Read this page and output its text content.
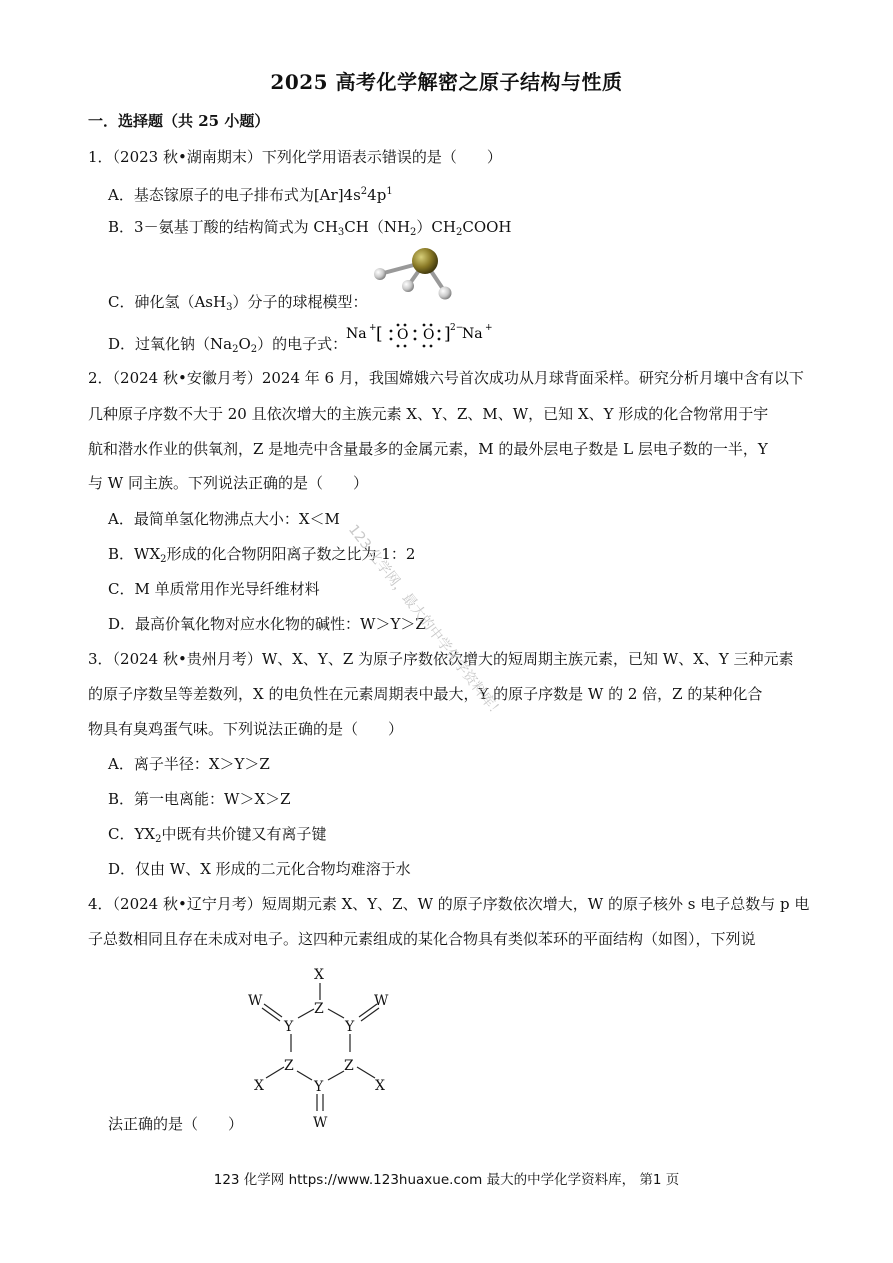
2025 高考化学解密之原子结构与性质
一．选择题（共 25 小题）
1．（2023 秋•湖南期末）下列化学用语表示错误的是（　　）
A．基态镓原子的电子排布式为$[Ar]4s^24p^1$
B．3－氨基丁酸的结构简式为 $CH_3CH(NH_2)CH_2COOH$
C．砷化氢（AsH$_3$）分子的球棍模型：
D．过氧化钠$(Na_2O_2)$的电子式：
Na + [ O O ] 2−
Na +
2．（2024 秋•安徽月考）2024 年 6 月，我国嫦娥六号首次成功从月球背面采样。研究分析月壤中含有以下
几种原子序数不大于 20 且依次增大的主族元素 X、Y、Z、M、W，已知 X、Y 形成的化合物常用于宇
航和潜水作业的供氧剂，Z 是地壳中含量最多的金属元素，M 的最外层电子数是 L 层电子数的一半，Y
与 W 同主族。下列说法正确的是（　　）
A．最简单氢化物沸点大小：X＜M
B．$WX_2$形成的化合物阴阳离子数之比为 1：2
C．M 单质常用作光导纤维材料
D．最高价氧化物对应水化物的碱性：W＞Y＞Z
3．（2024 秋•贵州月考）W、X、Y、Z 为原子序数依次增大的短周期主族元素，已知 W、X、Y 三种元素
的原子序数呈等差数列，X 的电负性在元素周期表中最大，Y 的原子序数是 W 的 2 倍，Z 的某种化合
物具有臭鸡蛋气味。下列说法正确的是（　　）
A．离子半径：X＞Y＞Z
B．第一电离能：W＞X＞Z
C．$YX_2$中既有共价键又有离子键
D．仅由 W、X 形成的二元化合物均难溶于水
4．（2024 秋•辽宁月考）短周期元素 X、Y、Z、W 的原子序数依次增大，W 的原子核外 s 电子总数与 p 电
子总数相同且存在未成对电子。这四种元素组成的某化合物具有类似苯环的平面结构（如图），下列说
X
Z
Y	Y
W	W
Z	Z
Y
X	X
W
法正确的是（　　）
123 化学网，最大的中学化学资料库！
123 化学网 https://www.123huaxue.com 最大的中学化学资料库， 第1 页
